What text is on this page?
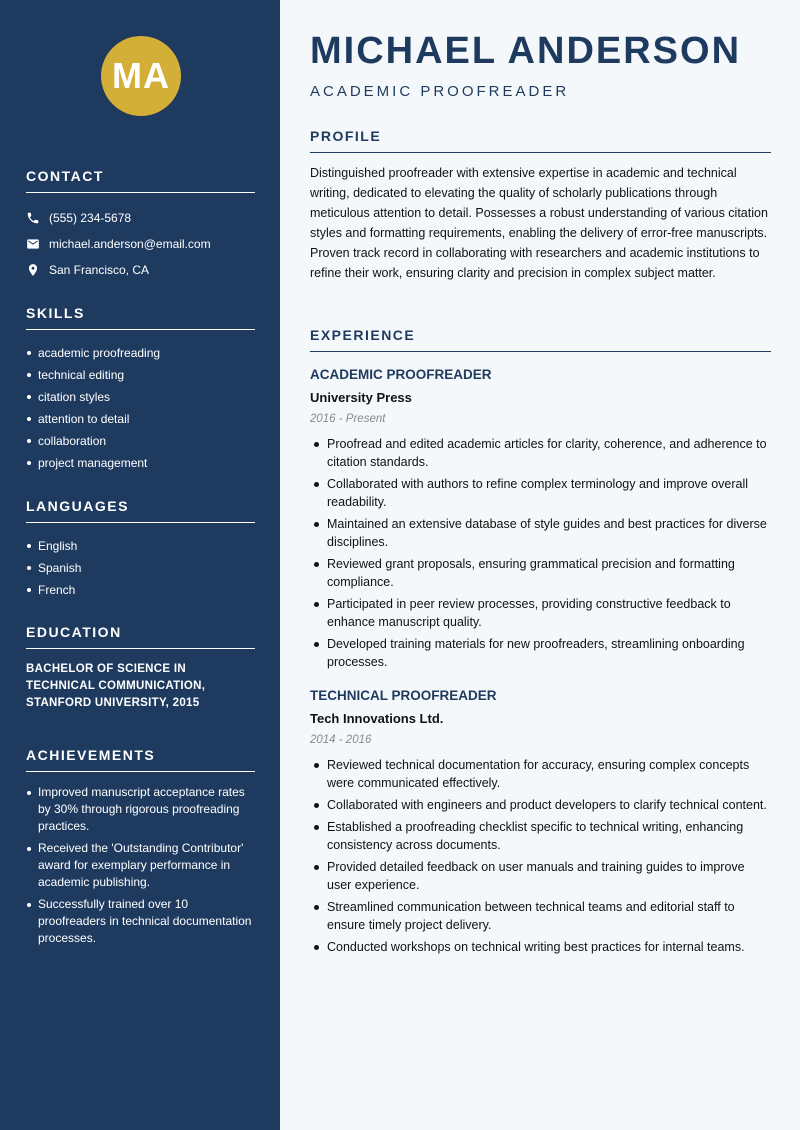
MA
CONTACT
(555) 234-5678
michael.anderson@email.com
San Francisco, CA
SKILLS
academic proofreading
technical editing
citation styles
attention to detail
collaboration
project management
LANGUAGES
English
Spanish
French
EDUCATION
BACHELOR OF SCIENCE IN TECHNICAL COMMUNICATION, STANFORD UNIVERSITY, 2015
ACHIEVEMENTS
Improved manuscript acceptance rates by 30% through rigorous proofreading practices.
Received the 'Outstanding Contributor' award for exemplary performance in academic publishing.
Successfully trained over 10 proofreaders in technical documentation processes.
MICHAEL ANDERSON
ACADEMIC PROOFREADER
PROFILE

Distinguished proofreader with extensive expertise in academic and technical writing, dedicated to elevating the quality of scholarly publications through meticulous attention to detail. Possesses a robust understanding of various citation styles and formatting requirements, enabling the delivery of error-free manuscripts. Proven track record in collaborating with researchers and academic institutions to refine their work, ensuring clarity and precision in complex subject matter.

EXPERIENCE
ACADEMIC PROOFREADER
University Press
2016 - Present
Proofread and edited academic articles for clarity, coherence, and adherence to citation standards.
Collaborated with authors to refine complex terminology and improve overall readability.
Maintained an extensive database of style guides and best practices for diverse disciplines.
Reviewed grant proposals, ensuring grammatical precision and formatting compliance.
Participated in peer review processes, providing constructive feedback to enhance manuscript quality.
Developed training materials for new proofreaders, streamlining onboarding processes.
TECHNICAL PROOFREADER
Tech Innovations Ltd.
2014 - 2016
Reviewed technical documentation for accuracy, ensuring complex concepts were communicated effectively.
Collaborated with engineers and product developers to clarify technical content.
Established a proofreading checklist specific to technical writing, enhancing consistency across documents.
Provided detailed feedback on user manuals and training guides to improve user experience.
Streamlined communication between technical teams and editorial staff to ensure timely project delivery.
Conducted workshops on technical writing best practices for internal teams.
